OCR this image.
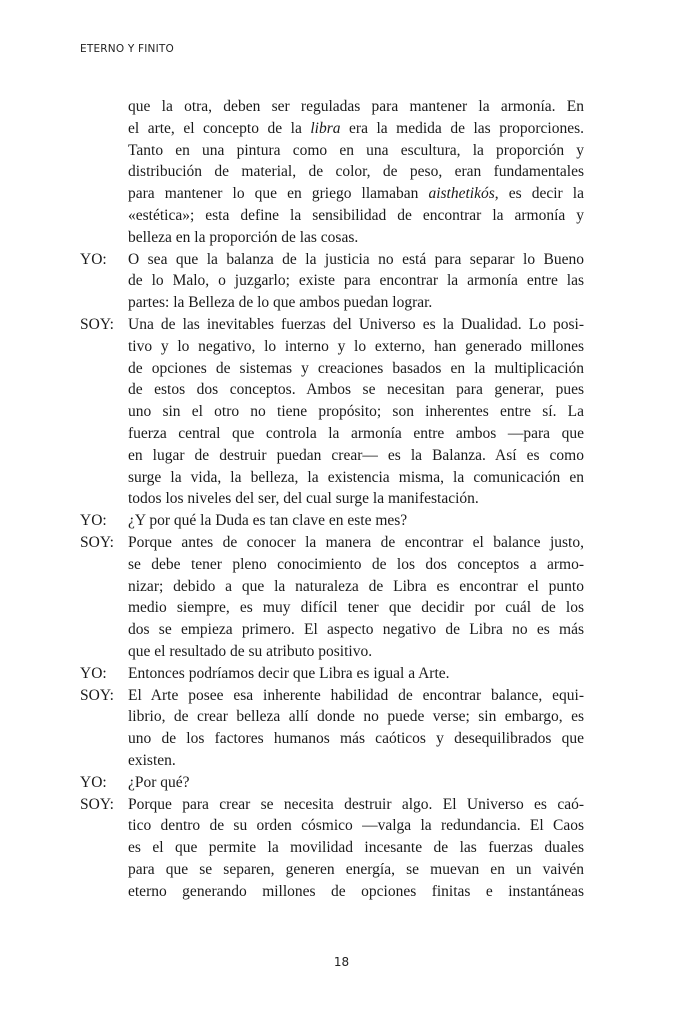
ETERNO Y FINITO
que la otra, deben ser reguladas para mantener la armonía. En
el arte, el concepto de la libra era la medida de las proporciones.
Tanto en una pintura como en una escultura, la proporción y
distribución de material, de color, de peso, eran fundamentales
para mantener lo que en griego llamaban aisthetikós, es decir la
«estética»; esta define la sensibilidad de encontrar la armonía y
belleza en la proporción de las cosas.
YO:	O sea que la balanza de la justicia no está para separar lo Bueno
de lo Malo, o juzgarlo; existe para encontrar la armonía entre las
partes: la Belleza de lo que ambos puedan lograr.
SOY: Una de las inevitables fuerzas del Universo es la Dualidad. Lo posi-
tivo y lo negativo, lo interno y lo externo, han generado millones
de opciones de sistemas y creaciones basados en la multiplicación
de estos dos conceptos. Ambos se necesitan para generar, pues
uno sin el otro no tiene propósito; son inherentes entre sí. La
fuerza central que controla la armonía entre ambos —para que
en lugar de destruir puedan crear— es la Balanza. Así es como
surge la vida, la belleza, la existencia misma, la comunicación en
todos los niveles del ser, del cual surge la manifestación.
YO:	¿Y por qué la Duda es tan clave en este mes?
SOY: Porque antes de conocer la manera de encontrar el balance justo,
se debe tener pleno conocimiento de los dos conceptos a armo-
nizar; debido a que la naturaleza de Libra es encontrar el punto
medio siempre, es muy difícil tener que decidir por cuál de los
dos se empieza primero. El aspecto negativo de Libra no es más
que el resultado de su atributo positivo.
YO:	Entonces podríamos decir que Libra es igual a Arte.
SOY: El Arte posee esa inherente habilidad de encontrar balance, equi-
librio, de crear belleza allí donde no puede verse; sin embargo, es
uno de los factores humanos más caóticos y desequilibrados que
existen.
YO:	¿Por qué?
SOY: Porque para crear se necesita destruir algo. El Universo es caó-
tico dentro de su orden cósmico —valga la redundancia. El Caos
es el que permite la movilidad incesante de las fuerzas duales
para que se separen, generen energía, se muevan en un vaivén
eterno generando millones de opciones finitas e instantáneas
18
